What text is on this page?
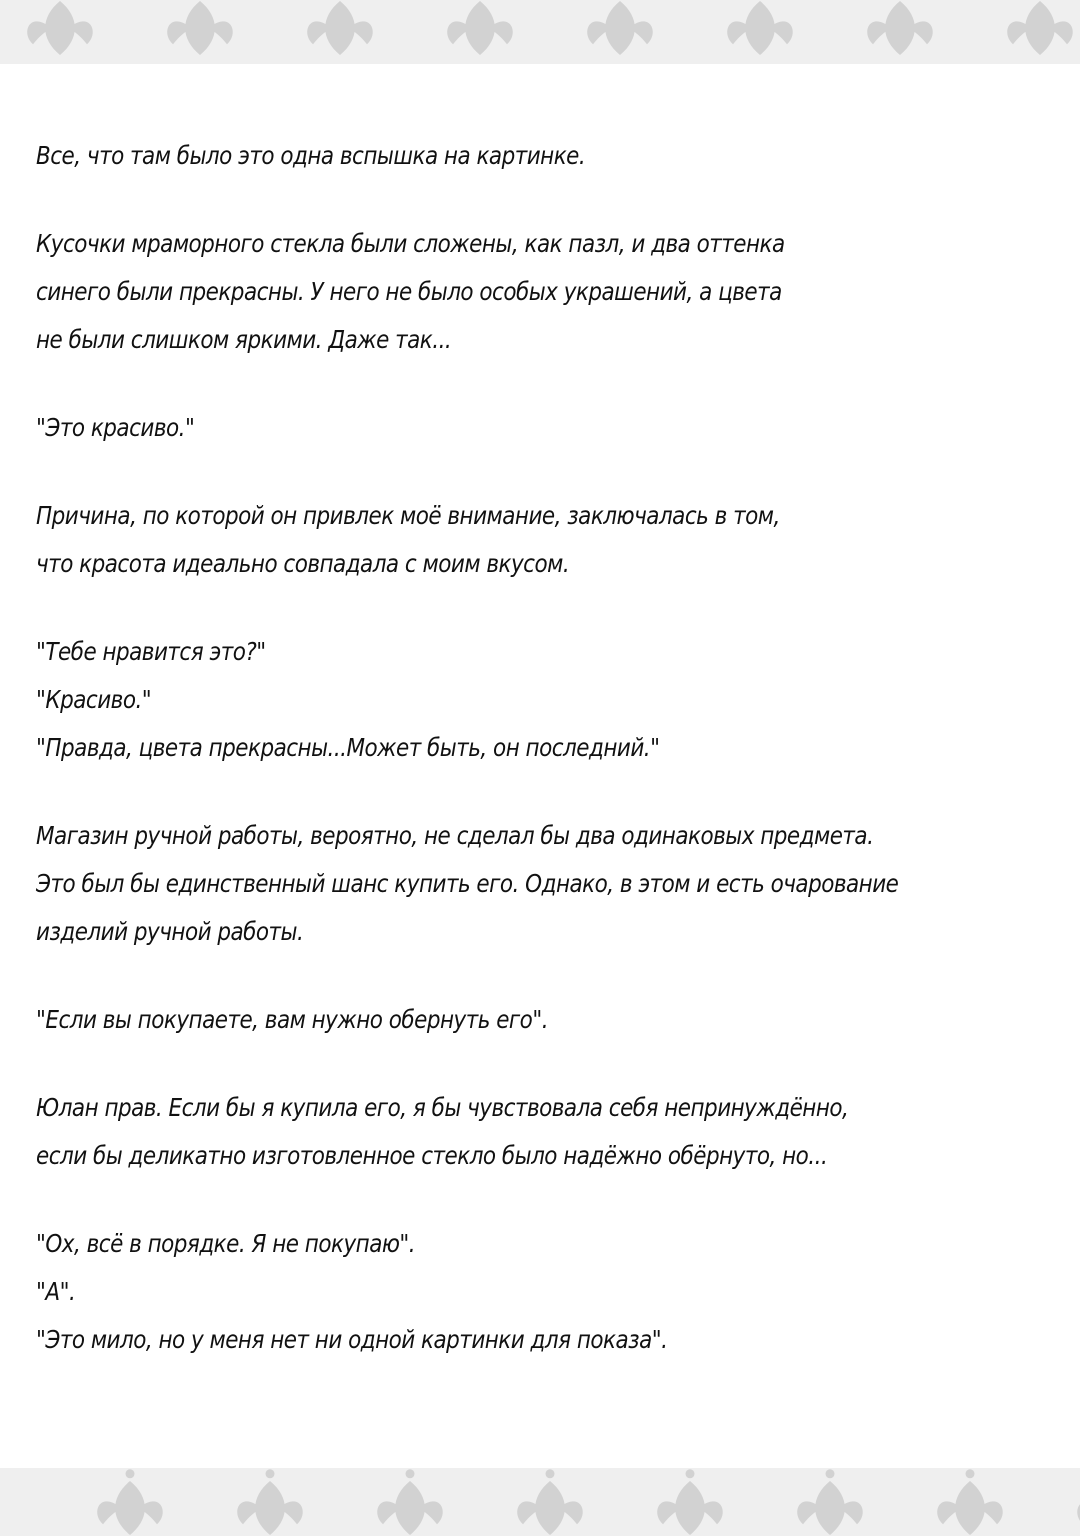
Все, что там было это одна вспышка на картинке.
Кусочки мраморного стекла были сложены, как пазл, и два оттенка
синего были прекрасны. У него не было особых украшений, а цвета
не были слишком яркими. Даже так...
"Это красиво."
Причина, по которой он привлек моё внимание, заключалась в том,
что красота идеально совпадала с моим вкусом.
"Тебе нравится это?"
"Красиво."
"Правда, цвета прекрасны...Может быть, он последний."
Магазин ручной работы, вероятно, не сделал бы два одинаковых предмета.
Это был бы единственный шанс купить его. Однако, в этом и есть очарование
изделий ручной работы.
"Если вы покупаете, вам нужно обернуть его".
Юлан прав. Если бы я купила его, я бы чувствовала себя непринуждённо,
если бы деликатно изготовленное стекло было надёжно обёрнуто, но...
"Ох, всё в порядке. Я не покупаю".
"А".
"Это мило, но у меня нет ни одной картинки для показа".
